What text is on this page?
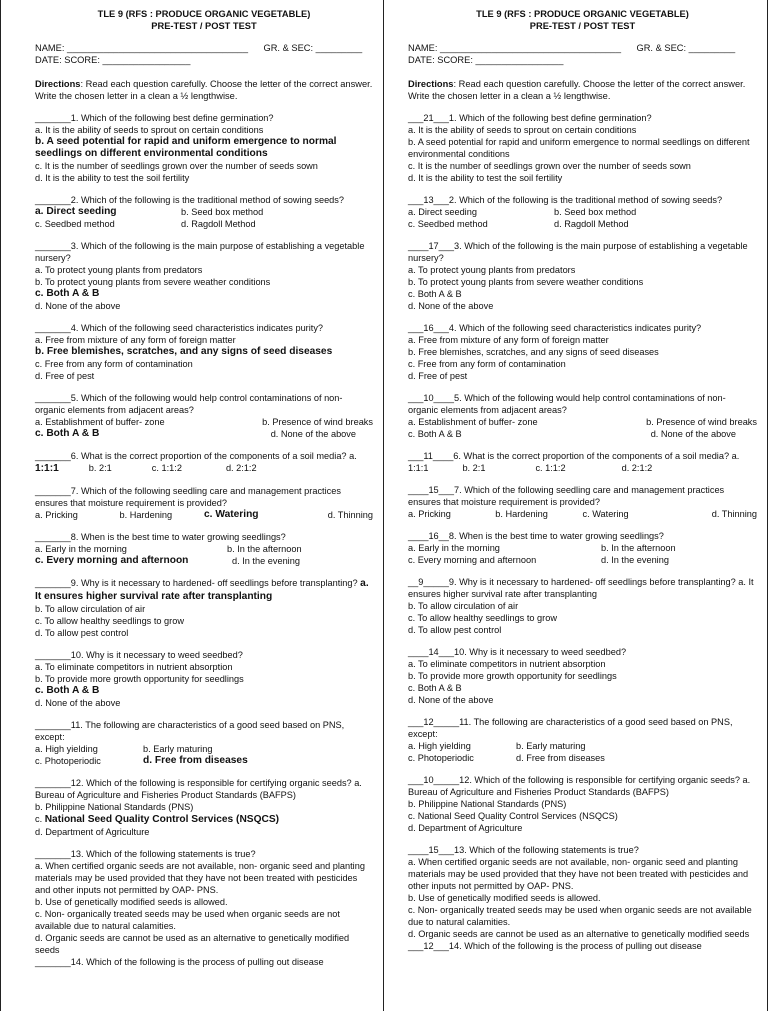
TLE 9 (RFS : PRODUCE ORGANIC VEGETABLE)
PRE-TEST / POST TEST
NAME: ___________________________________      GR. & SEC: _________
DATE: SCORE: _________________
Directions: Read each question carefully. Choose the letter of the correct answer. Write the chosen letter in a clean a ½ lengthwise.
_______1. Which of the following best define germination?
a. It is the ability of seeds to sprout on certain conditions
b. A seed potential for rapid and uniform emergence to normal seedlings on different environmental conditions
c. It is the number of seedlings grown over the number of seeds sown
d. It is the ability to test the soil fertility
_______2. Which of the following is the traditional method of sowing seeds?
a. Direct seeding	b. Seed box method
c. Seedbed method	d. Ragdoll Method
_______3. Which of the following is the main purpose of establishing a vegetable nursery?
a. To protect young plants from predators
b. To protect young plants from severe weather conditions
c. Both A & B
d. None of the above
_______4. Which of the following seed characteristics indicates purity?
a. Free from mixture of any form of foreign matter
b. Free blemishes, scratches, and any signs of seed diseases
c. Free from any form of contamination
d. Free of pest
_______5. Which of the following would help control contaminations of non- organic elements from adjacent areas?
a. Establishment of buffer- zone	b. Presence of wind breaks
c. Both A & B	d. None of the above
_______6. What is the correct proportion of the components of a soil media? a. 1:1:1	b. 2:1	c. 1:1:2	d. 2:1:2
_______7. Which of the following seedling care and management practices ensures that moisture requirement is provided?
a. Pricking	b. Hardening	c. Watering	d. Thinning
_______8. When is the best time to water growing seedlings?
a. Early in the morning	b. In the afternoon
c. Every morning and afternoon	d. In the evening
_______9. Why is it necessary to hardened- off seedlings before transplanting? a. It ensures higher survival rate after transplanting
b. To allow circulation of air
c. To allow healthy seedlings to grow
d. To allow pest control
_______10. Why is it necessary to weed seedbed?
a. To eliminate competitors in nutrient absorption
b. To provide more growth opportunity for seedlings
c. Both A & B
d. None of the above
_______11. The following are characteristics of a good seed based on PNS, except:
a. High yielding	b. Early maturing
c. Photoperiodic	d. Free from diseases
_______12. Which of the following is responsible for certifying organic seeds? a. Bureau of Agriculture and Fisheries Product Standards (BAFPS)
b. Philippine National Standards (PNS)
c. National Seed Quality Control Services (NSQCS)
d. Department of Agriculture
_______13. Which of the following statements is true?
a. When certified organic seeds are not available, non- organic seed and planting materials may be used provided that they have not been treated with pesticides and other inputs not permitted by OAP- PNS.
b. Use of genetically modified seeds is allowed.
c. Non- organically treated seeds may be used when organic seeds are not available due to natural calamities.
d. Organic seeds are cannot be used as an alternative to genetically modified seeds
_______14. Which of the following is the process of pulling out disease
TLE 9 (RFS : PRODUCE ORGANIC VEGETABLE)
PRE-TEST / POST TEST
NAME: ___________________________________      GR. & SEC: _________
DATE: SCORE: _________________
Directions: Read each question carefully. Choose the letter of the correct answer. Write the chosen letter in a clean a ½ lengthwise.
___21___1. Which of the following best define germination?
a. It is the ability of seeds to sprout on certain conditions
b. A seed potential for rapid and uniform emergence to normal seedlings on different environmental conditions
c. It is the number of seedlings grown over the number of seeds sown
d. It is the ability to test the soil fertility
___13___2. Which of the following is the traditional method of sowing seeds?
a. Direct seeding	b. Seed box method
c. Seedbed method	d. Ragdoll Method
____17___3. Which of the following is the main purpose of establishing a vegetable nursery?
a. To protect young plants from predators
b. To protect young plants from severe weather conditions
c. Both A & B
d. None of the above
___16___4. Which of the following seed characteristics indicates purity?
a. Free from mixture of any form of foreign matter
b. Free blemishes, scratches, and any signs of seed diseases
c. Free from any form of contamination
d. Free of pest
___10____5. Which of the following would help control contaminations of non- organic elements from adjacent areas?
a. Establishment of buffer- zone	b. Presence of wind breaks
c. Both A & B	d. None of the above
___11____6. What is the correct proportion of the components of a soil media? a. 1:1:1	b. 2:1	c. 1:1:2	d. 2:1:2
____15___7. Which of the following seedling care and management practices ensures that moisture requirement is provided?
a. Pricking	b. Hardening	c. Watering	d. Thinning
____16__8. When is the best time to water growing seedlings?
a. Early in the morning	b. In the afternoon
c. Every morning and afternoon	d. In the evening
__9_____9. Why is it necessary to hardened- off seedlings before transplanting? a. It ensures higher survival rate after transplanting
b. To allow circulation of air
c. To allow healthy seedlings to grow
d. To allow pest control
____14___10. Why is it necessary to weed seedbed?
a. To eliminate competitors in nutrient absorption
b. To provide more growth opportunity for seedlings
c. Both A & B
d. None of the above
___12_____11. The following are characteristics of a good seed based on PNS, except:
a. High yielding	b. Early maturing
c. Photoperiodic	d. Free from diseases
___10_____12. Which of the following is responsible for certifying organic seeds? a. Bureau of Agriculture and Fisheries Product Standards (BAFPS)
b. Philippine National Standards (PNS)
c. National Seed Quality Control Services (NSQCS)
d. Department of Agriculture
____15___13. Which of the following statements is true?
a. When certified organic seeds are not available, non- organic seed and planting materials may be used provided that they have not been treated with pesticides and other inputs not permitted by OAP- PNS.
b. Use of genetically modified seeds is allowed.
c. Non- organically treated seeds may be used when organic seeds are not available due to natural calamities.
d. Organic seeds are cannot be used as an alternative to genetically modified seeds
___12___14. Which of the following is the process of pulling out disease
